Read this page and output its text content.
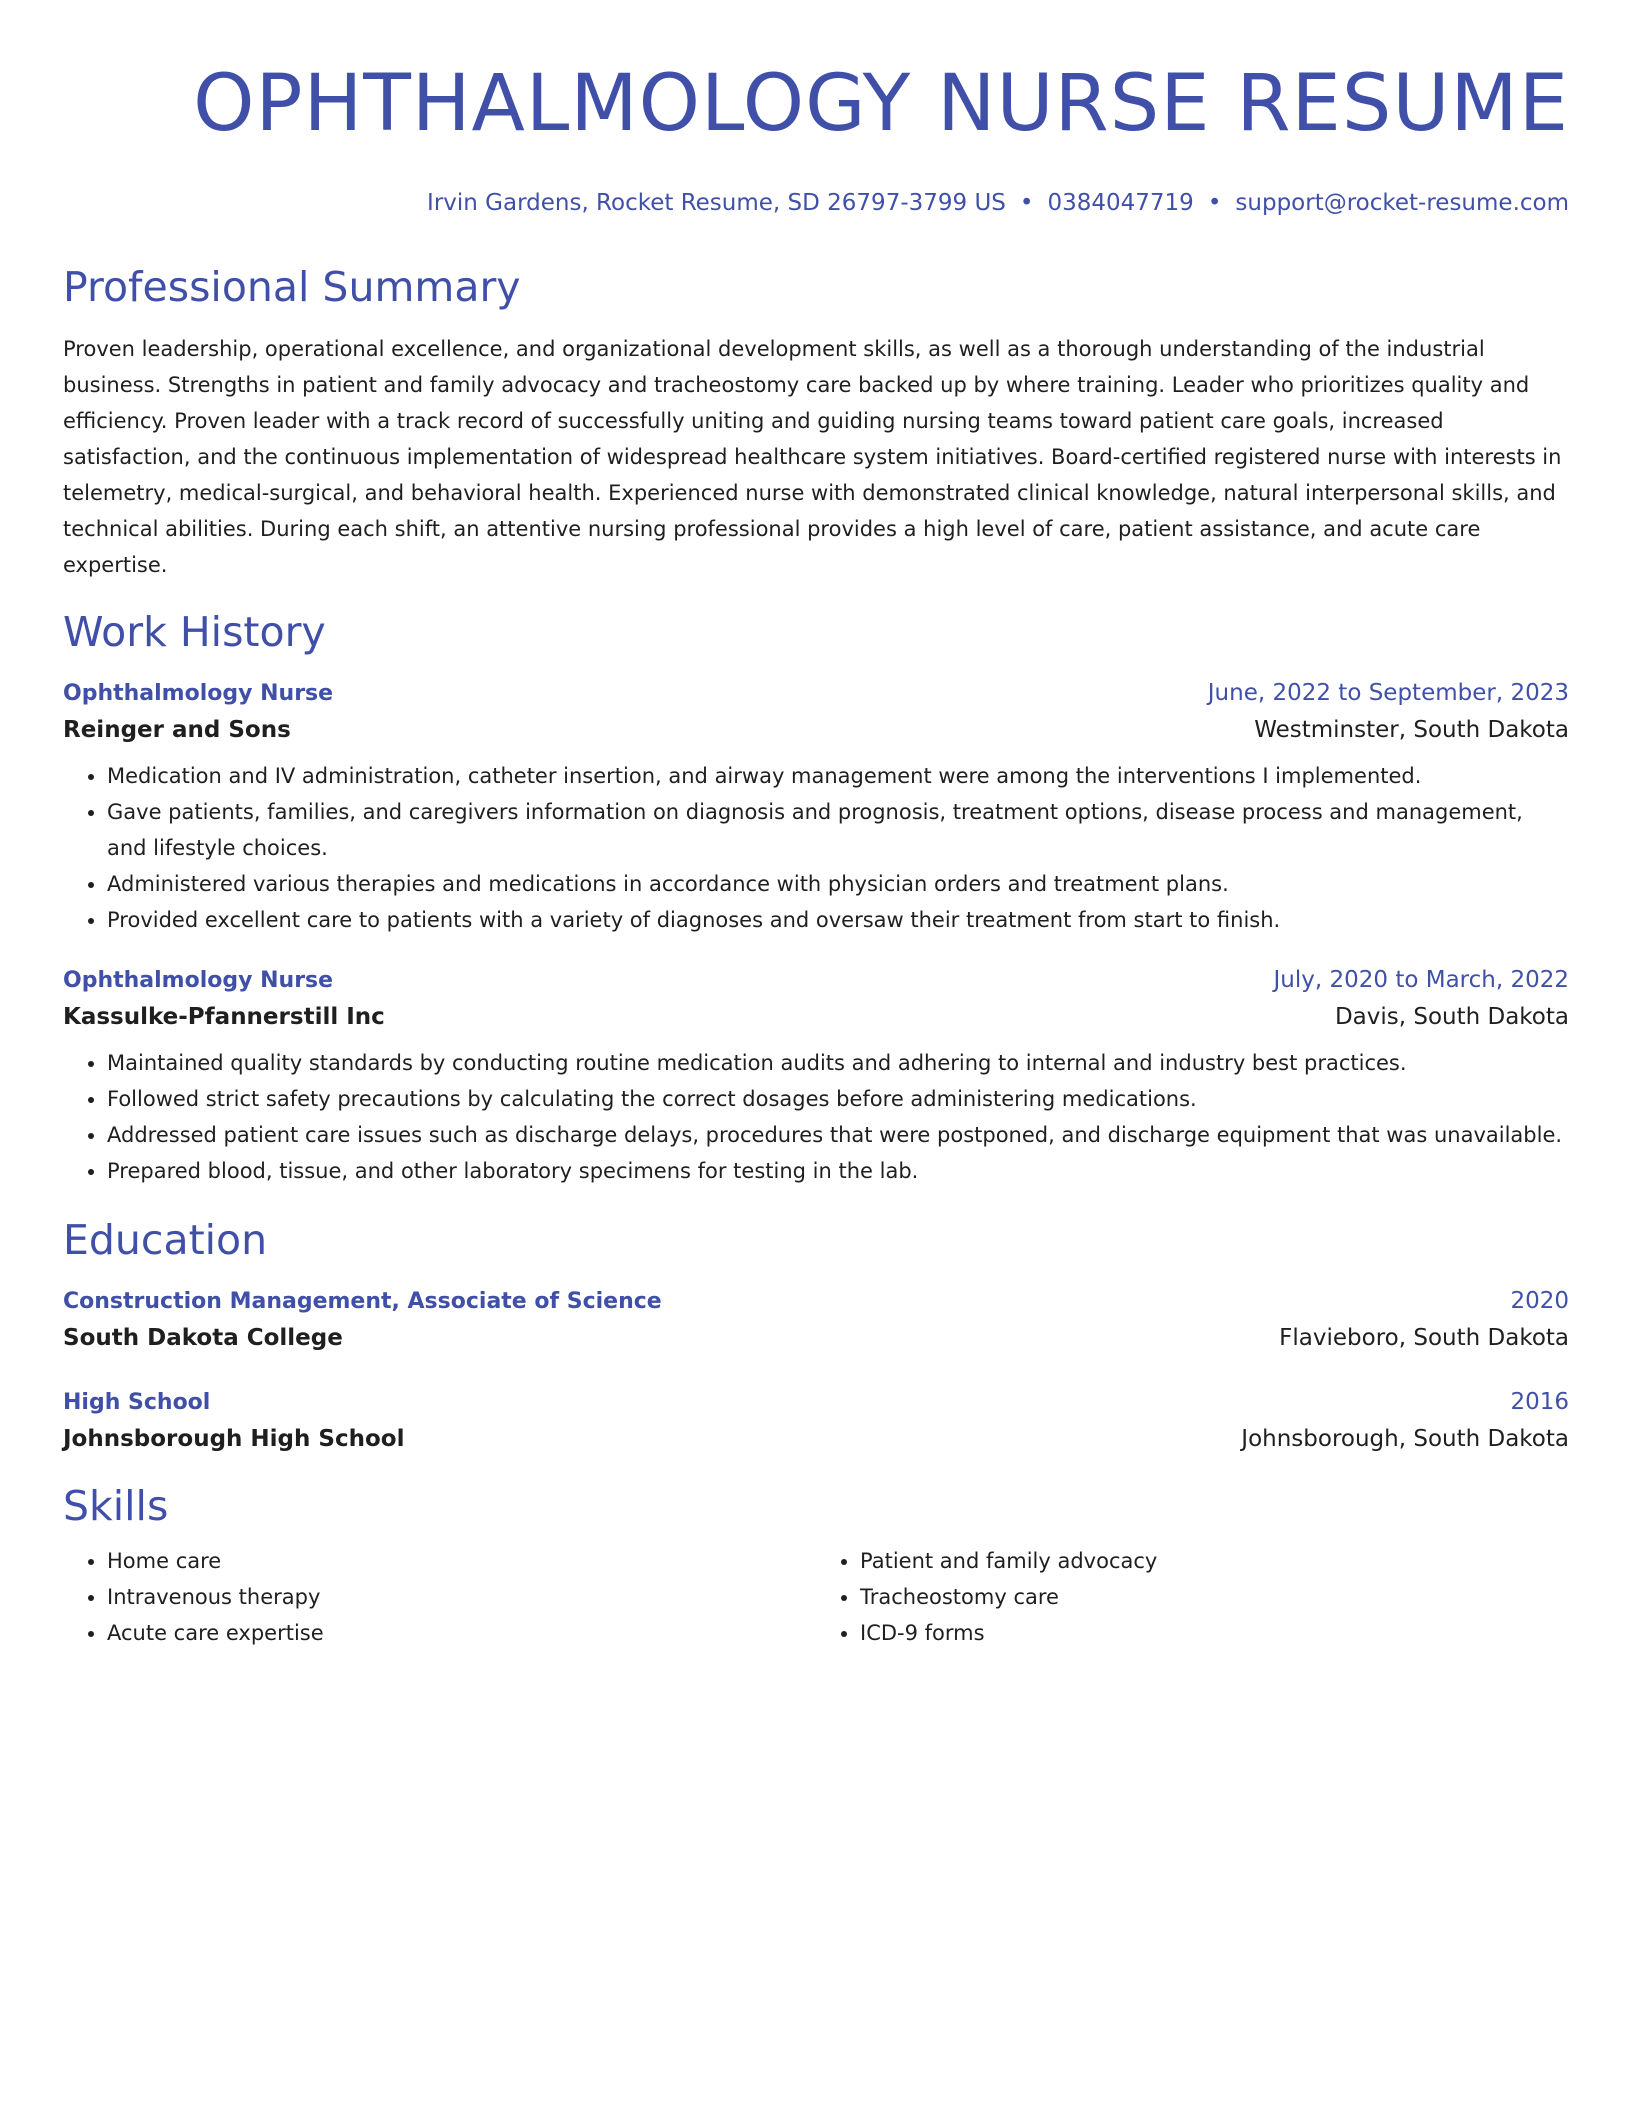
OPHTHALMOLOGY NURSE RESUME
Irvin Gardens, Rocket Resume, SD 26797-3799 US • 0384047719 • support@rocket-resume.com
Professional Summary
Proven leadership, operational excellence, and organizational development skills, as well as a thorough understanding of the industrial business. Strengths in patient and family advocacy and tracheostomy care backed up by where training. Leader who prioritizes quality and efficiency. Proven leader with a track record of successfully uniting and guiding nursing teams toward patient care goals, increased satisfaction, and the continuous implementation of widespread healthcare system initiatives. Board-certified registered nurse with interests in telemetry, medical-surgical, and behavioral health. Experienced nurse with demonstrated clinical knowledge, natural interpersonal skills, and technical abilities. During each shift, an attentive nursing professional provides a high level of care, patient assistance, and acute care expertise.
Work History
Ophthalmology Nurse	June, 2022 to September, 2023
Reinger and Sons	Westminster, South Dakota
• Medication and IV administration, catheter insertion, and airway management were among the interventions I implemented.
• Gave patients, families, and caregivers information on diagnosis and prognosis, treatment options, disease process and management, and lifestyle choices.
• Administered various therapies and medications in accordance with physician orders and treatment plans.
• Provided excellent care to patients with a variety of diagnoses and oversaw their treatment from start to finish.
Ophthalmology Nurse	July, 2020 to March, 2022
Kassulke-Pfannerstill Inc	Davis, South Dakota
• Maintained quality standards by conducting routine medication audits and adhering to internal and industry best practices.
• Followed strict safety precautions by calculating the correct dosages before administering medications.
• Addressed patient care issues such as discharge delays, procedures that were postponed, and discharge equipment that was unavailable.
• Prepared blood, tissue, and other laboratory specimens for testing in the lab.
Education
Construction Management, Associate of Science	2020
South Dakota College	Flavieboro, South Dakota
High School	2016
Johnsborough High School	Johnsborough, South Dakota
Skills
• Home care
• Intravenous therapy
• Acute care expertise
• Patient and family advocacy
• Tracheostomy care
• ICD-9 forms
